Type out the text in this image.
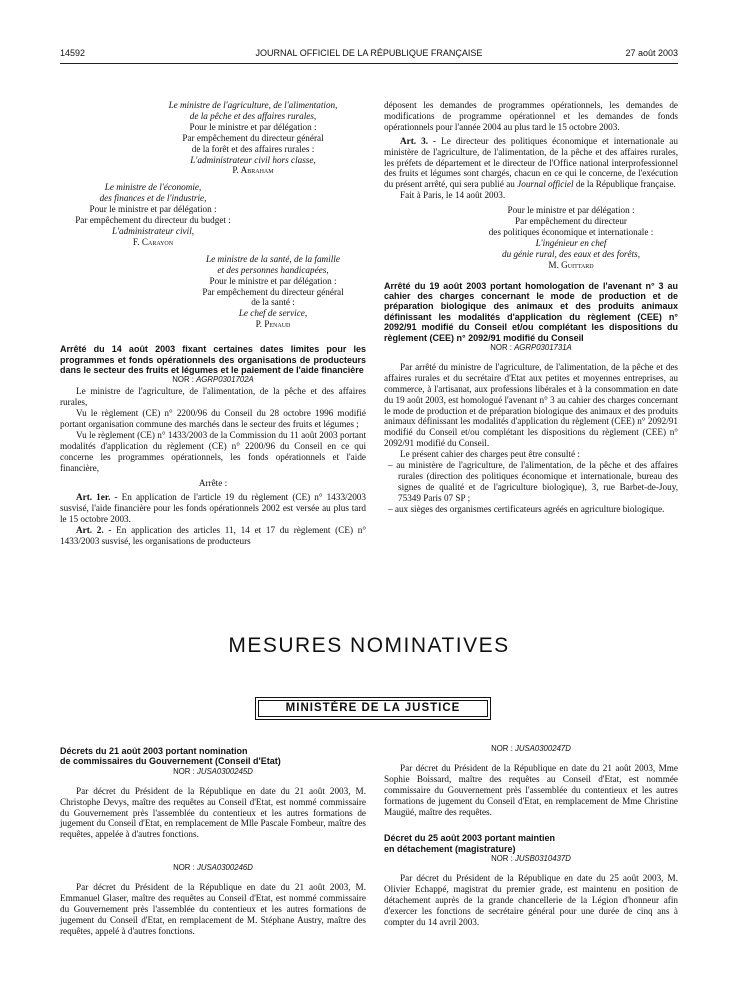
14592	JOURNAL OFFICIEL DE LA RÉPUBLIQUE FRANÇAISE	27 août 2003

Le ministre de l'agriculture, de l'alimentation,

de la pêche et des affaires rurales,

Pour le ministre et par délégation :

Par empêchement du directeur général

de la forêt et des affaires rurales :

L'administrateur civil hors classe,

P. Abraham

Le ministre de l'économie,

des finances et de l'industrie,

Pour le ministre et par délégation :

Par empêchement du directeur du budget :

L'administrateur civil,

F. Carayon

Le ministre de la santé, de la famille

et des personnes handicapées,

Pour le ministre et par délégation :

Par empêchement du directeur général

de la santé :

Le chef de service,

P. Penaud

Arrêté du 14 août 2003 fixant certaines dates limites pour les programmes et fonds opérationnels des organisations de producteurs dans le secteur des fruits et légumes et le paiement de l'aide financière

NOR : AGRP0301702A

Le ministre de l'agriculture, de l'alimentation, de la pêche et des affaires rurales,

Vu le règlement (CE) n° 2200/96 du Conseil du 28 octobre 1996 modifié portant organisation commune des marchés dans le secteur des fruits et légumes ;

Vu le règlement (CE) n° 1433/2003 de la Commission du 11 août 2003 portant modalités d'application du règlement (CE) n° 2200/96 du Conseil en ce qui concerne les programmes opérationnels, les fonds opérationnels et l'aide financière,

Arrête :

Art. 1er. - En application de l'article 19 du règlement (CE) n° 1433/2003 susvisé, l'aide financière pour les fonds opérationnels 2002 est versée au plus tard le 15 octobre 2003.

Art. 2. - En application des articles 11, 14 et 17 du règlement (CE) n° 1433/2003 susvisé, les organisations de producteurs

déposent les demandes de programmes opérationnels, les demandes de modifications de programme opérationnel et les demandes de fonds opérationnels pour l'année 2004 au plus tard le 15 octobre 2003.

Art. 3. - Le directeur des politiques économique et internationale au ministère de l'agriculture, de l'alimentation, de la pêche et des affaires rurales, les préfets de département et le directeur de l'Office national interprofessionnel des fruits et légumes sont chargés, chacun en ce qui le concerne, de l'exécution du présent arrêté, qui sera publié au Journal officiel de la République française.

Fait à Paris, le 14 août 2003.

Pour le ministre et par délégation :

Par empêchement du directeur

des politiques économique et internationale :

L'ingénieur en chef

du génie rural, des eaux et des forêts,

M. Guittard

Arrêté du 19 août 2003 portant homologation de l'avenant n° 3 au cahier des charges concernant le mode de production et de préparation biologique des animaux et des produits animaux définissant les modalités d'application du règlement (CEE) n° 2092/91 modifié du Conseil et/ou complétant les dispositions du règlement (CEE) n° 2092/91 modifié du Conseil

NOR : AGRP0301731A

Par arrêté du ministre de l'agriculture, de l'alimentation, de la pêche et des affaires rurales et du secrétaire d'Etat aux petites et moyennes entreprises, au commerce, à l'artisanat, aux professions libérales et à la consommation en date du 19 août 2003, est homologué l'avenant n° 3 au cahier des charges concernant le mode de production et de préparation biologique des animaux et des produits animaux définissant les modalités d'application du règlement (CEE) n° 2092/91 modifié du Conseil et/ou complétant les dispositions du règlement (CEE) n° 2092/91 modifié du Conseil.

Le présent cahier des charges peut être consulté :

– au ministère de l'agriculture, de l'alimentation, de la pêche et des affaires rurales (direction des politiques économique et internationale, bureau des signes de qualité et de l'agriculture biologique), 3, rue Barbet-de-Jouy, 75349 Paris 07 SP ;

– aux sièges des organismes certificateurs agréés en agriculture biologique.

MESURES NOMINATIVES
MINISTÈRE DE LA JUSTICE

Décrets du 21 août 2003 portant nomination

de commissaires du Gouvernement (Conseil d'Etat)

NOR : JUSA0300245D

Par décret du Président de la République en date du 21 août 2003, M. Christophe Devys, maître des requêtes au Conseil d'Etat, est nommé commissaire du Gouvernement près l'assemblée du contentieux et les autres formations de jugement du Conseil d'Etat, en remplacement de Mlle Pascale Fombeur, maître des requêtes, appelée à d'autres fonctions.

NOR : JUSA0300246D

Par décret du Président de la République en date du 21 août 2003, M. Emmanuel Glaser, maître des requêtes au Conseil d'Etat, est nommé commissaire du Gouvernement près l'assemblée du contentieux et les autres formations de jugement du Conseil d'Etat, en remplacement de M. Stéphane Austry, maître des requêtes, appelé à d'autres fonctions.

NOR : JUSA0300247D

Par décret du Président de la République en date du 21 août 2003, Mme Sophie Boissard, maître des requêtes au Conseil d'Etat, est nommée commissaire du Gouvernement près l'assemblée du contentieux et les autres formations de jugement du Conseil d'Etat, en remplacement de Mme Christine Maugüé, maître des requêtes.

Décret du 25 août 2003 portant maintien

en détachement (magistrature)

NOR : JUSB0310437D

Par décret du Président de la République en date du 25 août 2003, M. Olivier Echappé, magistrat du premier grade, est maintenu en position de détachement auprès de la grande chancellerie de la Légion d'honneur afin d'exercer les fonctions de secrétaire général pour une durée de cinq ans à compter du 14 avril 2003.
